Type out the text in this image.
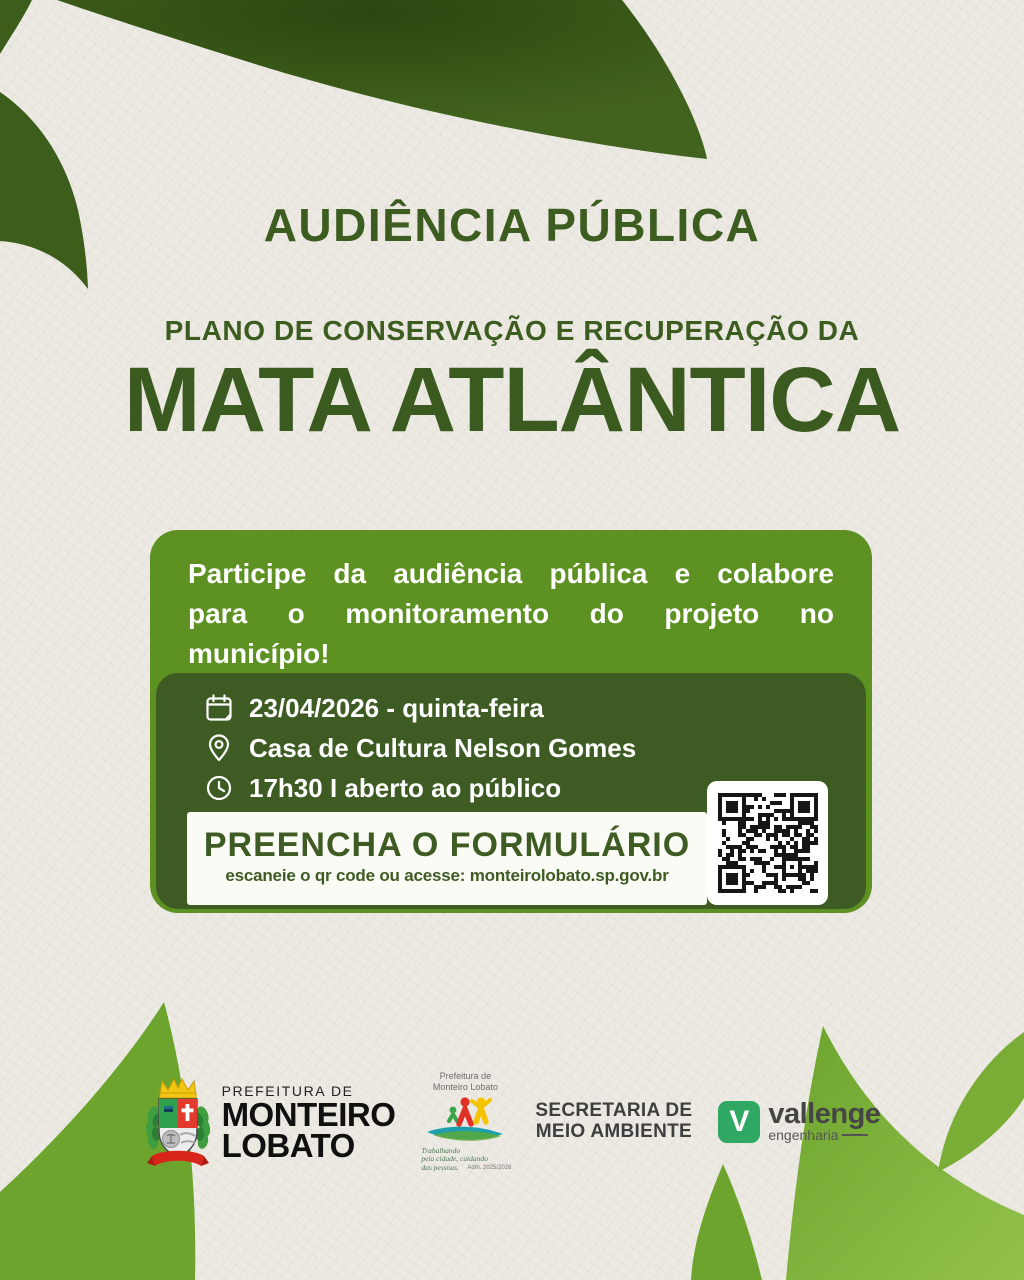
AUDIÊNCIA PÚBLICA
PLANO DE CONSERVAÇÃO E RECUPERAÇÃO DA
MATA ATLÂNTICA
Participe da audiência pública e colabore
para o monitoramento do projeto no
município!
23/04/2026 - quinta-feira
Casa de Cultura Nelson Gomes
17h30 I aberto ao público
PREENCHA O FORMULÁRIO
escaneie o qr code ou acesse: monteirolobato.sp.gov.br
PREFEITURA DE
MONTEIRO
LOBATO
Prefeitura de
Monteiro Lobato
Trabalhando
pela cidade, cuidando
das pessoas.	Adm. 2025/2028
SECRETARIA DE
MEIO AMBIENTE	V vallenge
engenharia
